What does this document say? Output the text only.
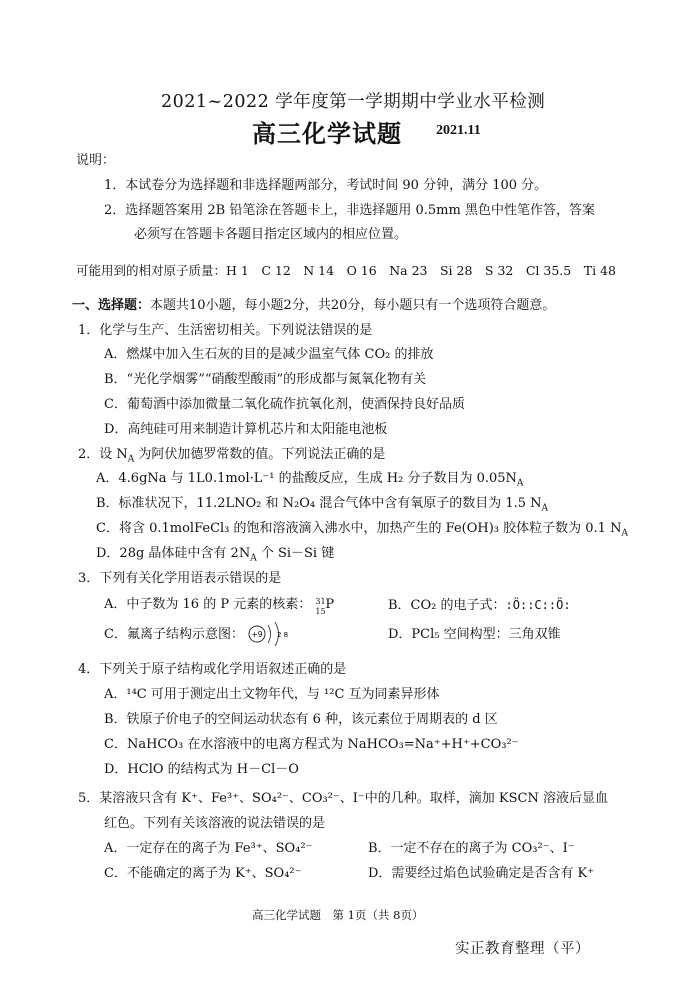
2021~2022 学年度第一学期期中学业水平检测
高三化学试题 2021.11
说明：
1．本试卷分为选择题和非选择题两部分，考试时间 90 分钟，满分 100 分。
2．选择题答案用 2B 铅笔涂在答题卡上，非选择题用 0.5mm 黑色中性笔作答，答案
必须写在答题卡各题目指定区域内的相应位置。
可能用到的相对原子质量：H 1　C 12　N 14　O 16　Na 23　Si 28　S 32　Cl 35.5　Ti 48
一、选择题：本题共10小题，每小题2分，共20分，每小题只有一个选项符合题意。
1．化学与生产、生活密切相关。下列说法错误的是
A．燃煤中加入生石灰的目的是减少温室气体 CO₂ 的排放
B．“光化学烟雾”“硝酸型酸雨”的形成都与氮氧化物有关
C．葡萄酒中添加微量二氧化硫作抗氧化剂，使酒保持良好品质
D．高纯硅可用来制造计算机芯片和太阳能电池板
2．设 $N_A$ 为阿伏加德罗常数的值。下列说法正确的是
A．4.6gNa 与 1L0.1mol·L⁻¹ 的盐酸反应，生成 H₂ 分子数目为 $0.05N_A$
B．标准状况下，11.2LNO₂ 和 N₂O₄ 混合气体中含有氧原子的数目为 1.5 $N_A$
C．将含 0.1molFeCl₃ 的饱和溶液滴入沸水中，加热产生的 Fe(OH)₃ 胶体粒子数为 0.1 $N_A$
D．28g 晶体硅中含有 $2N_A$ 个 Si－Si 键
3．下列有关化学用语表示错误的是
A．中子数为 16 的 P 元素的核素： 31
15 P	B．CO₂ 的电子式：:Ö::C::Ö:
C．氟离子结构示意图： +9 2 8	D．PCl₅ 空间构型：三角双锥
4．下列关于原子结构或化学用语叙述正确的是
A．¹⁴C 可用于测定出土文物年代，与 ¹²C 互为同素异形体
B．铁原子价电子的空间运动状态有 6 种，该元素位于周期表的 d 区
C．NaHCO₃ 在水溶液中的电离方程式为 NaHCO₃=Na⁺+H⁺+CO₃²⁻
D．HClO 的结构式为 H－Cl－O
5．某溶液只含有 K⁺、Fe³⁺、SO₄²⁻、CO₃²⁻、I⁻中的几种。取样，滴加 KSCN 溶液后显血
红色。下列有关该溶液的说法错误的是
A．一定存在的离子为 Fe³⁺、SO₄²⁻	B．一定不存在的离子为 CO₃²⁻、I⁻
C．不能确定的离子为 K⁺、SO₄²⁻	D．需要经过焰色试验确定是否含有 K⁺
高三化学试题　第 1页（共 8页）
实正教育整理（平）
